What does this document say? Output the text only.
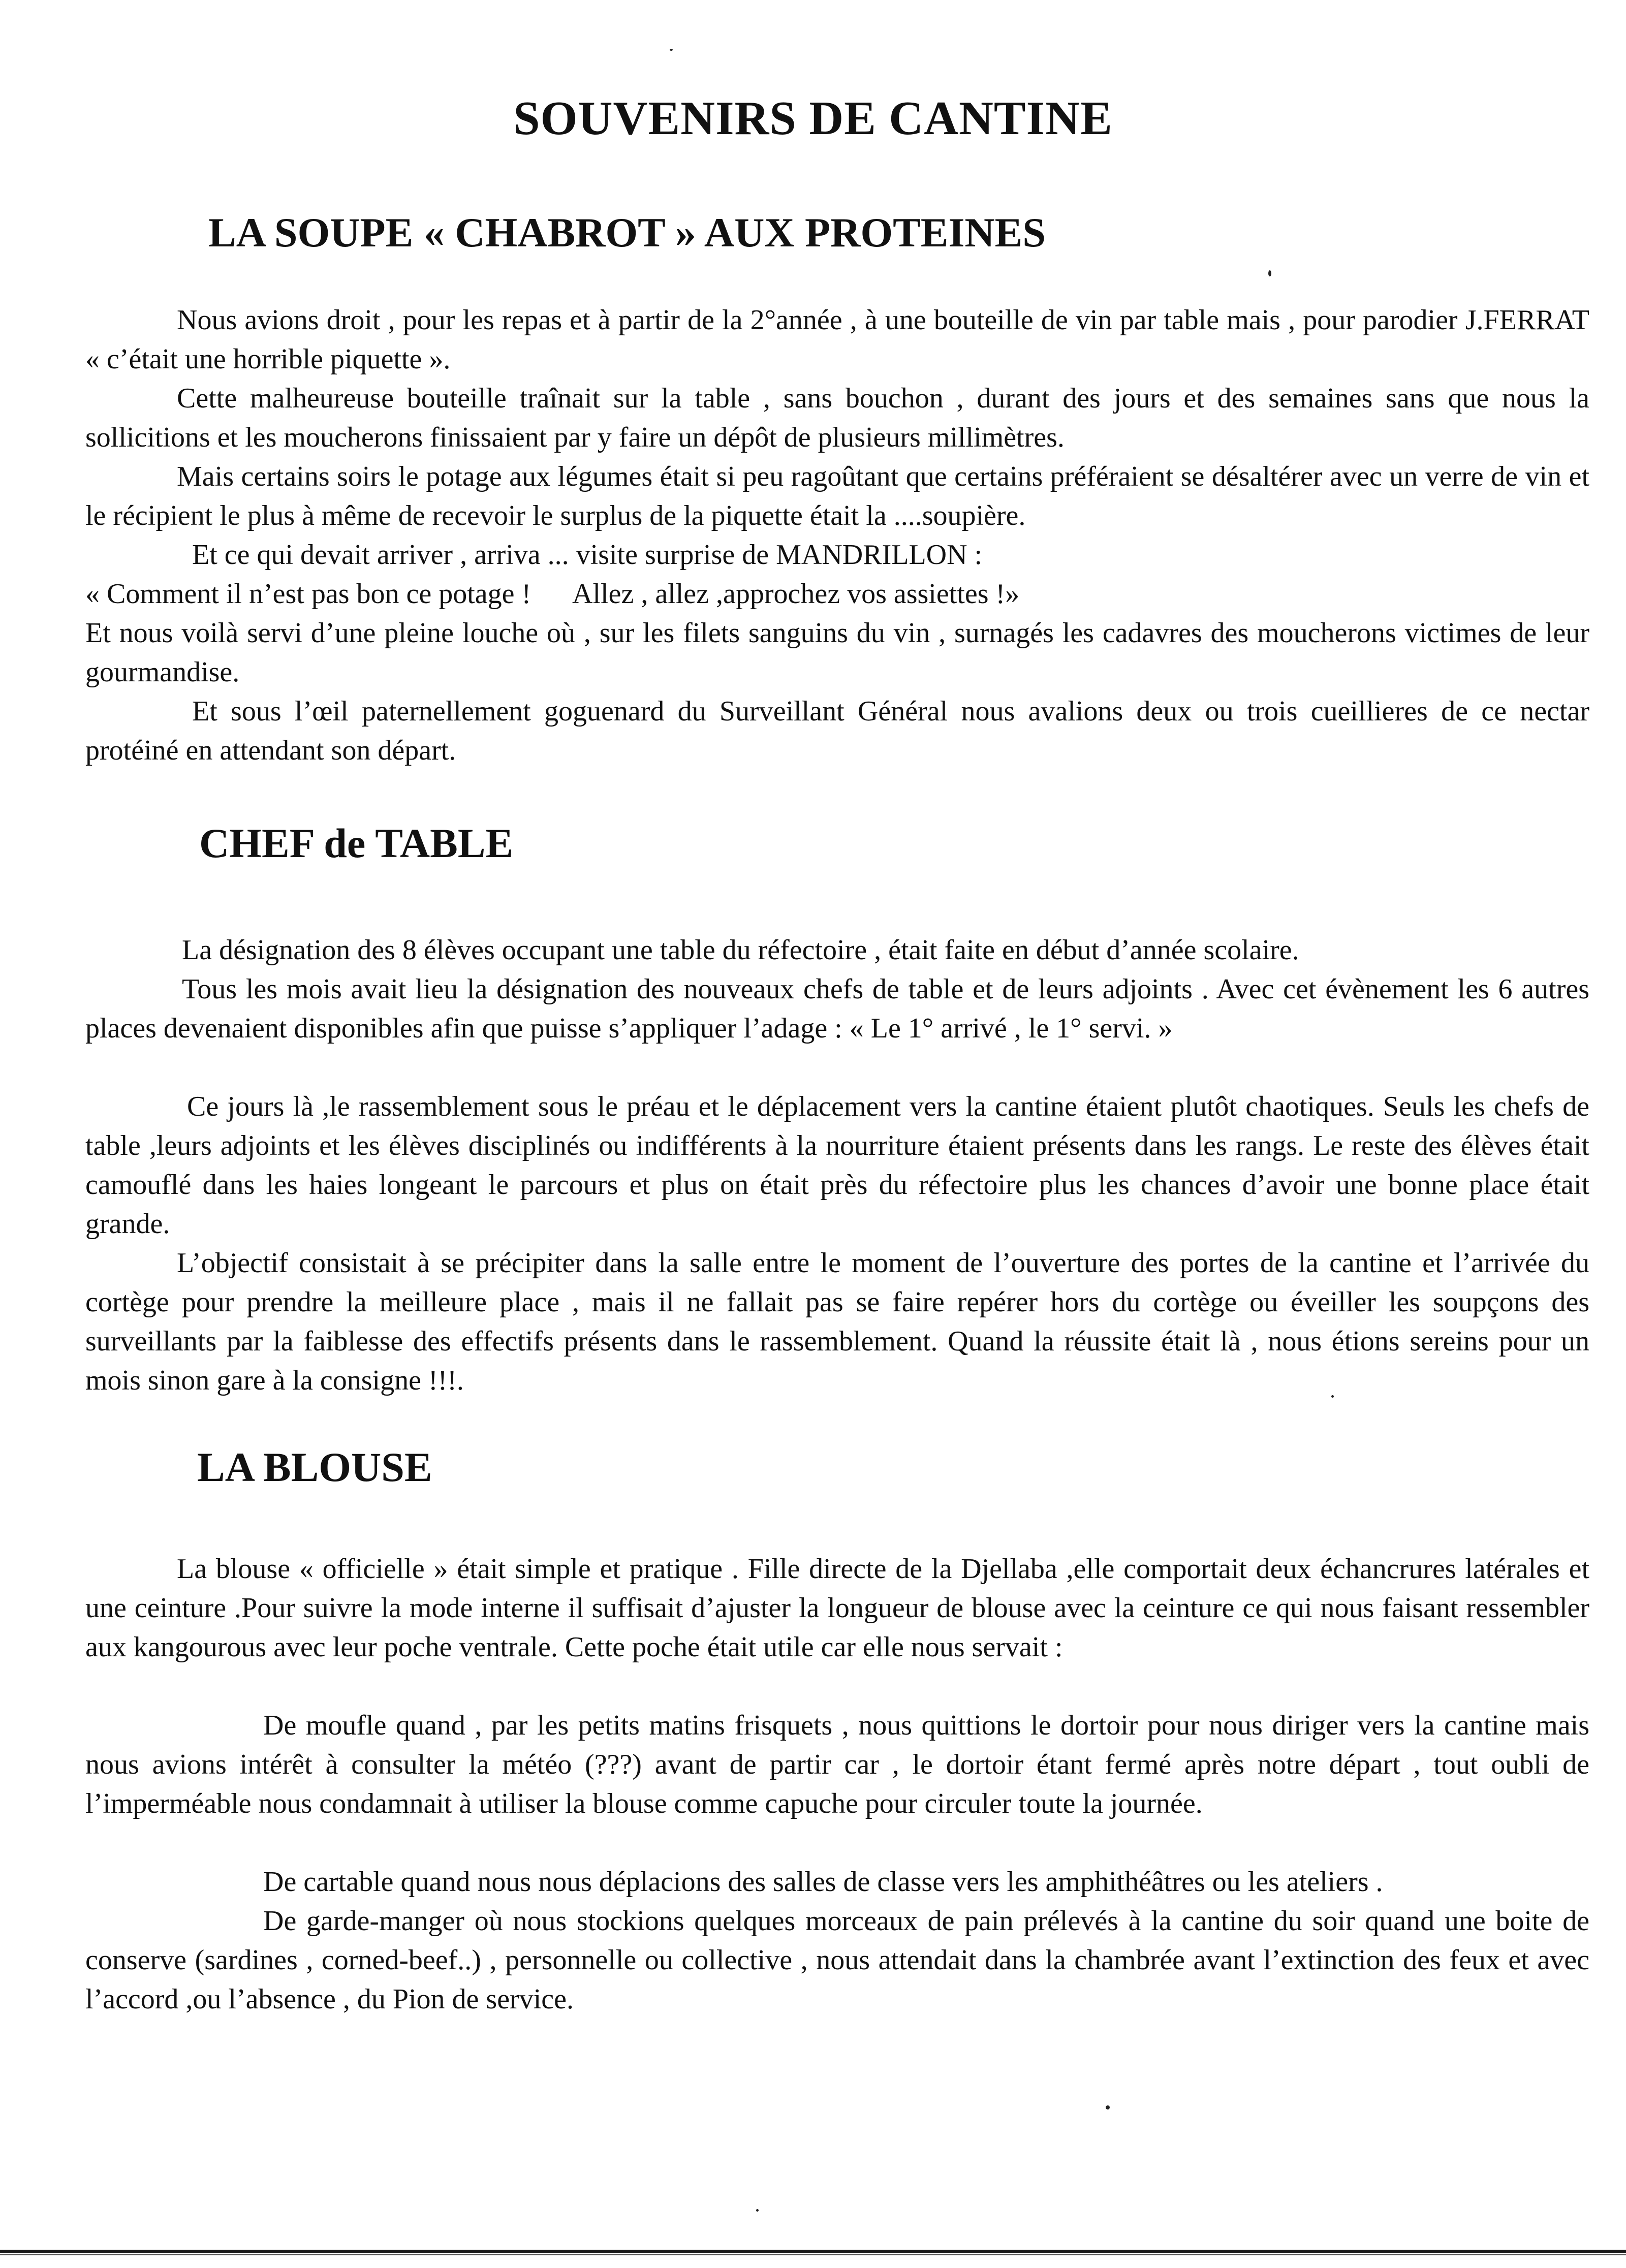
SOUVENIRS DE CANTINE
LA SOUPE « CHABROT » AUX PROTEINES

Nous avions droit , pour les repas et à partir de la 2°année , à une bouteille de vin par table mais , pour parodier J.FERRAT « c’était une horrible piquette ».

Cette malheureuse bouteille traînait sur la table , sans bouchon , durant des jours et des semaines sans que nous la sollicitions et les moucherons finissaient par y faire un dépôt de plusieurs millimètres.

Mais certains soirs le potage aux légumes était si peu ragoûtant que certains préféraient se désaltérer avec un verre de vin et le récipient le plus à même de recevoir le surplus de la piquette était la ....soupière.

Et ce qui devait arriver , arriva ... visite surprise de MANDRILLON :

« Comment il n’est pas bon ce potage !      Allez , allez ,approchez vos assiettes !»

Et nous voilà servi d’une pleine louche où , sur les filets sanguins du vin , surnagés les cadavres des moucherons victimes de leur gourmandise.

Et sous l’œil paternellement goguenard du Surveillant Général nous avalions deux ou trois cueillieres de ce nectar protéiné en attendant son départ.

CHEF de TABLE

La désignation des 8 élèves occupant une table du réfectoire , était faite en début d’année scolaire.

Tous les mois avait lieu la désignation des nouveaux chefs de table et de leurs adjoints . Avec cet évènement les 6 autres places devenaient disponibles afin que puisse s’appliquer l’adage : « Le 1° arrivé , le 1° servi. »

Ce jours là ,le rassemblement sous le préau et le déplacement vers la cantine étaient plutôt chaotiques. Seuls les chefs de table ,leurs adjoints et les élèves disciplinés ou indifférents à la nourriture étaient présents dans les rangs. Le reste des élèves était camouflé dans les haies longeant le parcours et plus on était près du réfectoire plus les chances d’avoir une bonne place était grande.

L’objectif consistait à se précipiter dans la salle entre le moment de l’ouverture des portes de la cantine et l’arrivée du cortège pour prendre la meilleure place , mais il ne fallait pas se faire repérer hors du cortège ou éveiller les soupçons des surveillants par la faiblesse des effectifs présents dans le rassemblement. Quand la réussite était là , nous étions sereins pour un mois sinon gare à la consigne !!!.

LA BLOUSE

La blouse « officielle » était simple et pratique . Fille directe de la Djellaba ,elle comportait deux échancrures latérales et une ceinture .Pour suivre la mode interne il suffisait d’ajuster la longueur de blouse avec la ceinture ce qui nous faisant ressembler aux kangourous avec leur poche ventrale. Cette poche était utile car elle nous servait :

De moufle quand , par les petits matins frisquets , nous quittions le dortoir pour nous diriger vers la cantine mais nous avions intérêt à consulter la météo (???) avant de partir car , le dortoir étant fermé après notre départ , tout oubli de l’imperméable nous condamnait à utiliser la blouse comme capuche pour circuler toute la journée.

De cartable quand nous nous déplacions des salles de classe vers les amphithéâtres ou les ateliers .

De garde-manger où nous stockions quelques morceaux de pain prélevés à la cantine du soir quand une boite de conserve (sardines , corned-beef..) , personnelle ou collective , nous attendait dans la chambrée avant l’extinction des feux et avec l’accord ,ou l’absence , du Pion de service.
